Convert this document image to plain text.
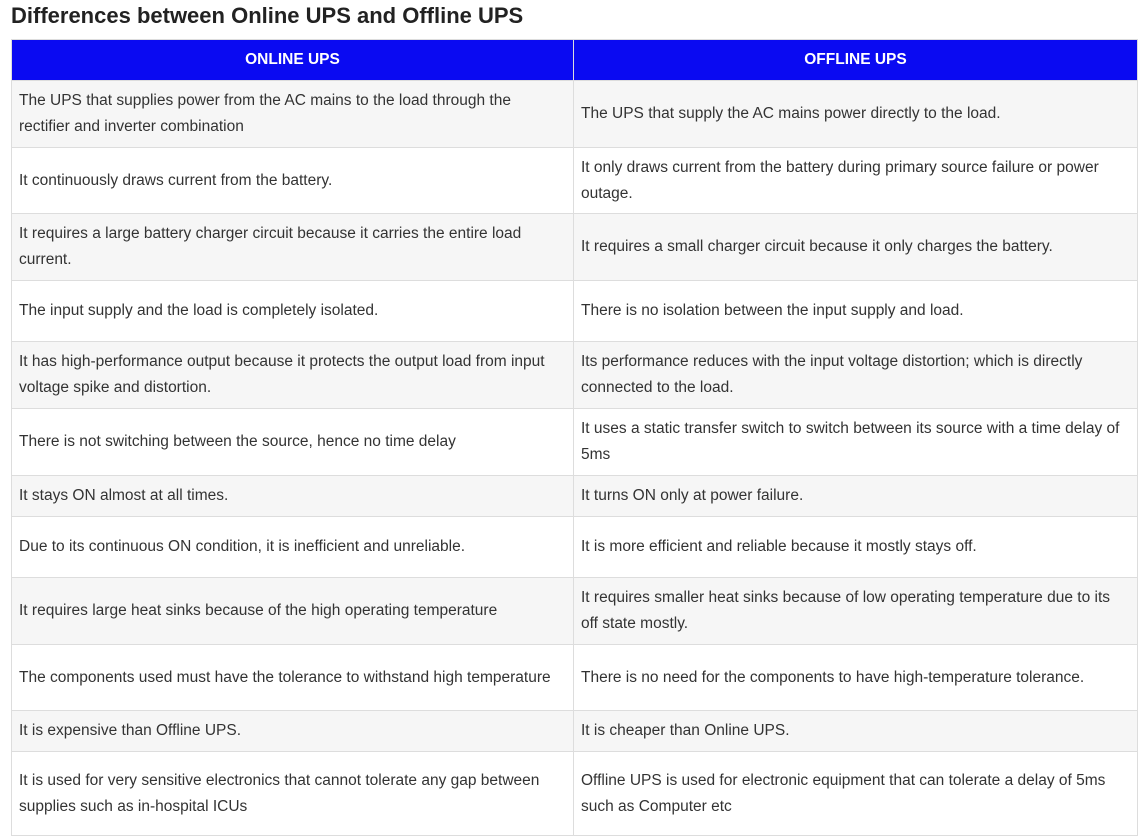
Differences between Online UPS and Offline UPS
ONLINE UPS	OFFLINE UPS
The UPS that supplies power from the AC mains to the load through the rectifier and inverter combination	The UPS that supply the AC mains power directly to the load.
It continuously draws current from the battery.	It only draws current from the battery during primary source failure or power outage.
It requires a large battery charger circuit because it carries the entire load current.	It requires a small charger circuit because it only charges the battery.
The input supply and the load is completely isolated.	There is no isolation between the input supply and load.
It has high-performance output because it protects the output load from input voltage spike and distortion.	Its performance reduces with the input voltage distortion; which is directly connected to the load.
There is not switching between the source, hence no time delay	It uses a static transfer switch to switch between its source with a time delay of 5ms
It stays ON almost at all times.	It turns ON only at power failure.
Due to its continuous ON condition, it is inefficient and unreliable.	It is more efficient and reliable because it mostly stays off.
It requires large heat sinks because of the high operating temperature	It requires smaller heat sinks because of low operating temperature due to its off state mostly.
The components used must have the tolerance to withstand high temperature	There is no need for the components to have high-temperature tolerance.
It is expensive than Offline UPS.	It is cheaper than Online UPS.
It is used for very sensitive electronics that cannot tolerate any gap between supplies such as in-hospital ICUs	Offline UPS is used for electronic equipment that can tolerate a delay of 5ms such as Computer etc
